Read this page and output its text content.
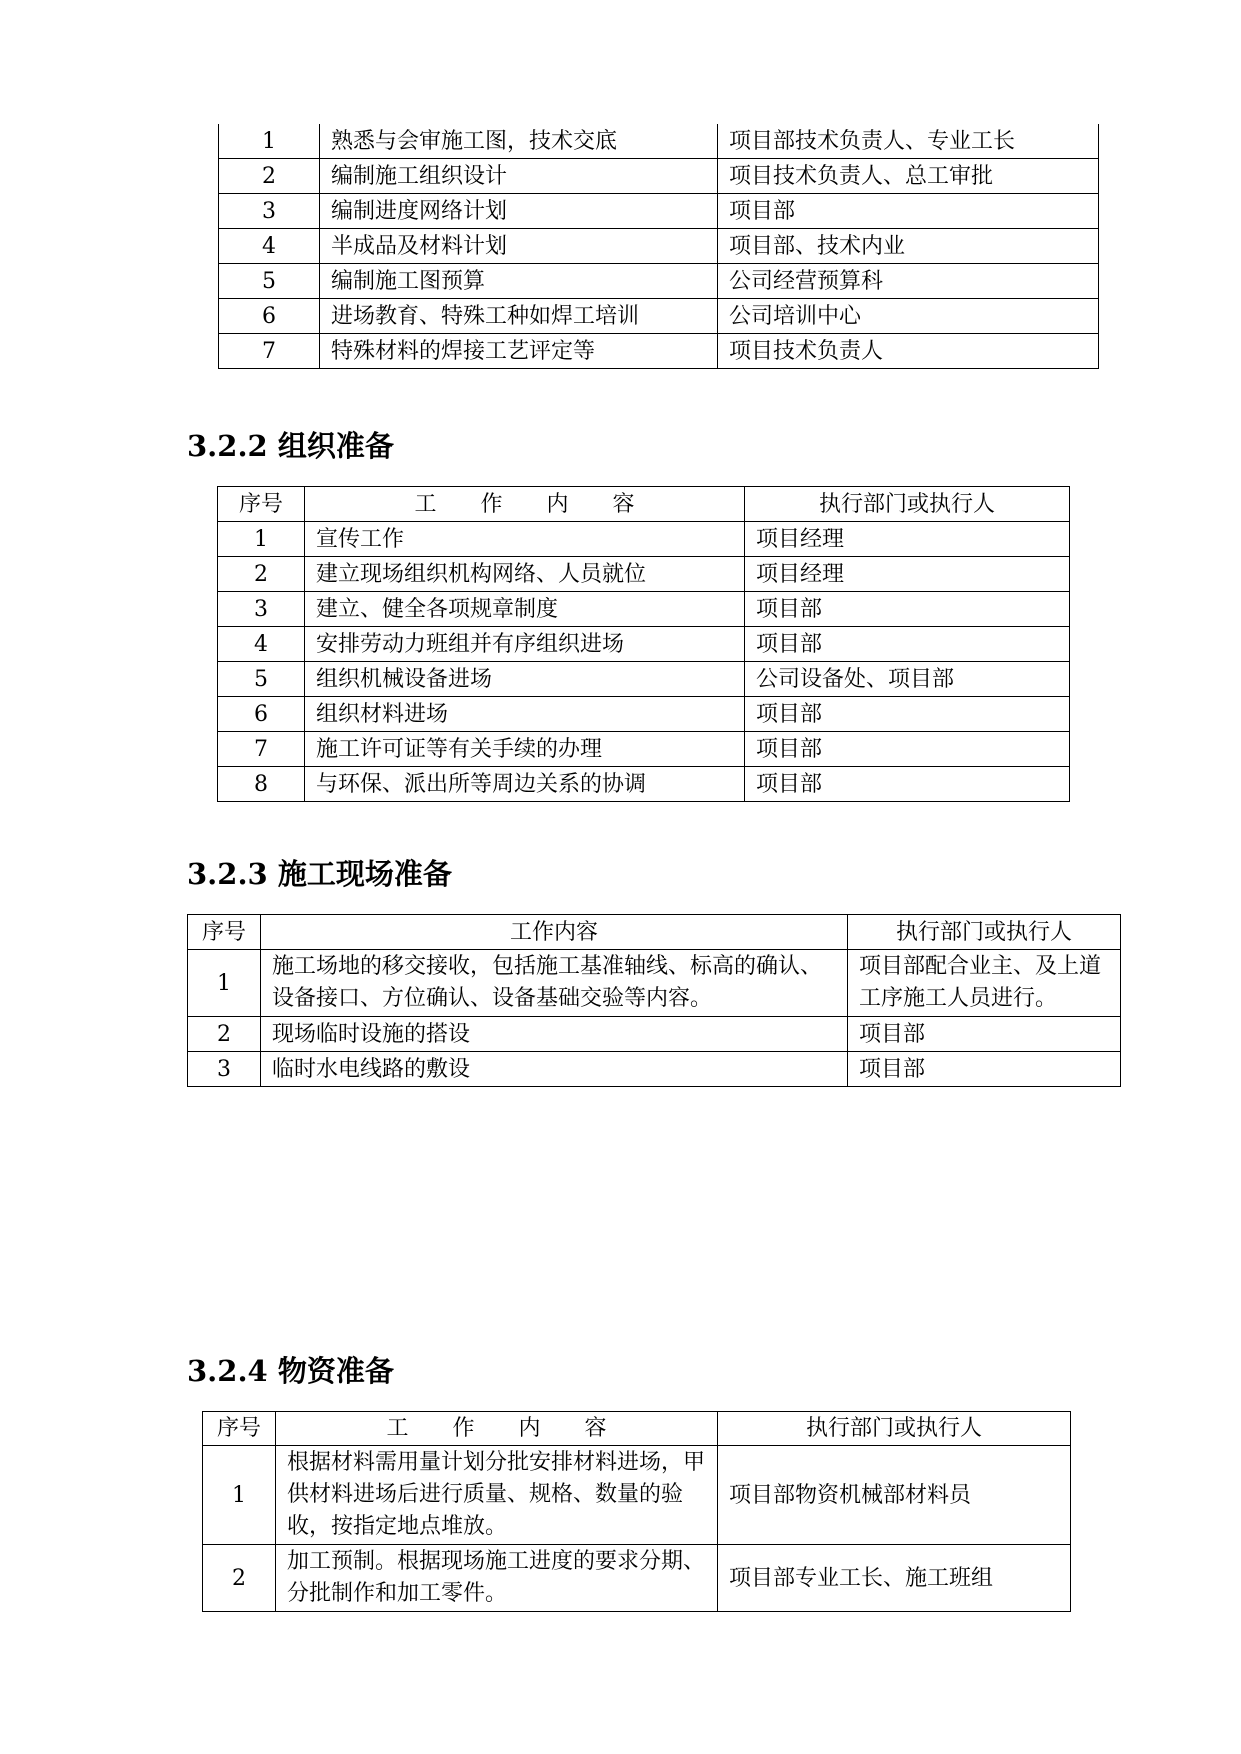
1	熟悉与会审施工图，技术交底	项目部技术负责人、专业工长
2	编制施工组织设计	项目技术负责人、总工审批
3	编制进度网络计划	项目部
4	半成品及材料计划	项目部、技术内业
5	编制施工图预算	公司经营预算科
6	进场教育、特殊工种如焊工培训	公司培训中心
7	特殊材料的焊接工艺评定等	项目技术负责人
3.2.2 组织准备
序号	工　　作　　内　　容	执行部门或执行人
1	宣传工作	项目经理
2	建立现场组织机构网络、人员就位	项目经理
3	建立、健全各项规章制度	项目部
4	安排劳动力班组并有序组织进场	项目部
5	组织机械设备进场	公司设备处、项目部
6	组织材料进场	项目部
7	施工许可证等有关手续的办理	项目部
8	与环保、派出所等周边关系的协调	项目部
3.2.3 施工现场准备
序号	工作内容	执行部门或执行人
1	施工场地的移交接收，包括施工基准轴线、标高的确认、设备接口、方位确认、设备基础交验等内容。	项目部配合业主、及上道工序施工人员进行。
2	现场临时设施的搭设	项目部
3	临时水电线路的敷设	项目部
3.2.4 物资准备
序号	工　　作　　内　　容	执行部门或执行人
1	根据材料需用量计划分批安排材料进场，甲供材料进场后进行质量、规格、数量的验收，按指定地点堆放。	项目部物资机械部材料员
2	加工预制。根据现场施工进度的要求分期、分批制作和加工零件。	项目部专业工长、施工班组
